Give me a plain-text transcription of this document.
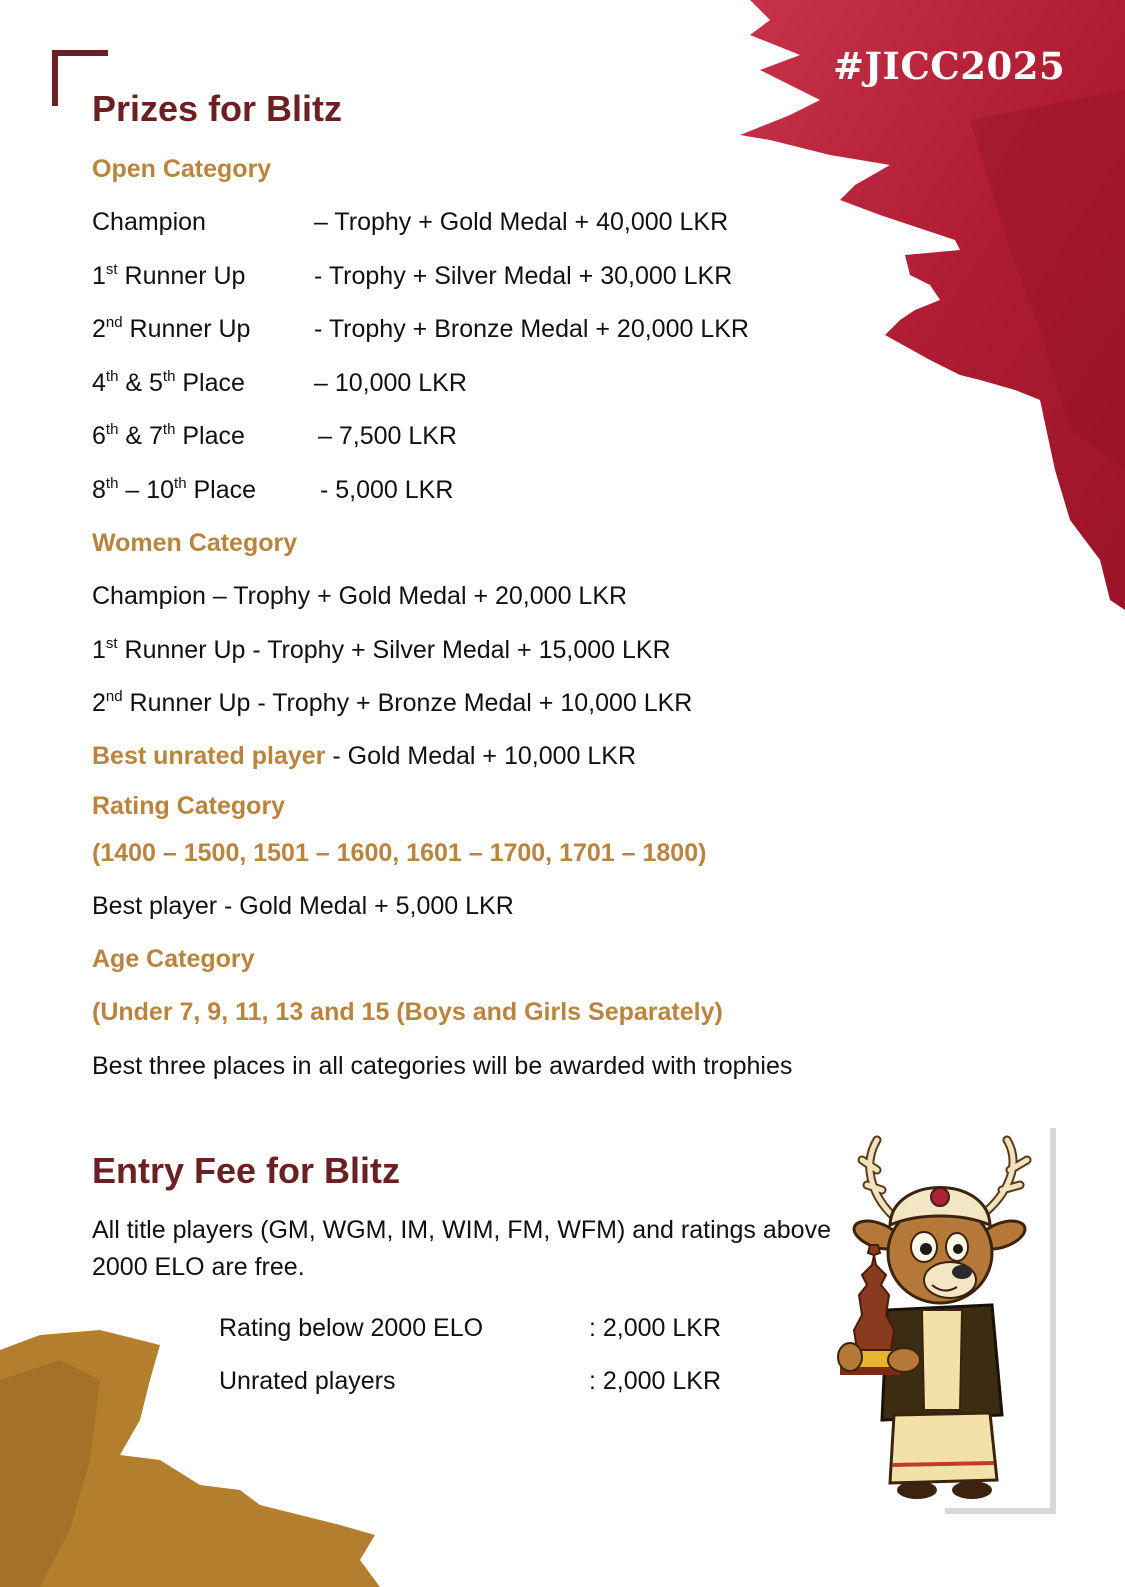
#JICC2025
Prizes for Blitz
Open Category
Champion	– Trophy + Gold Medal + 40,000 LKR
1st Runner Up	- Trophy + Silver Medal + 30,000 LKR
2nd Runner Up	- Trophy + Bronze Medal + 20,000 LKR
4th & 5th Place	– 10,000 LKR
6th & 7th Place	– 7,500 LKR
8th – 10th Place	- 5,000 LKR
Women Category
Champion – Trophy + Gold Medal + 20,000 LKR
1st Runner Up - Trophy + Silver Medal + 15,000 LKR
2nd Runner Up - Trophy + Bronze Medal + 10,000 LKR
Best unrated player - Gold Medal + 10,000 LKR
Rating Category
(1400 – 1500, 1501 – 1600, 1601 – 1700, 1701 – 1800)
Best player - Gold Medal + 5,000 LKR
Age Category
(Under 7, 9, 11, 13 and 15 (Boys and Girls Separately)
Best three places in all categories will be awarded with trophies
Entry Fee for Blitz
All title players (GM, WGM, IM, WIM, FM, WFM) and ratings above
2000 ELO are free.
Rating below 2000 ELO	: 2,000 LKR
Unrated players	: 2,000 LKR
